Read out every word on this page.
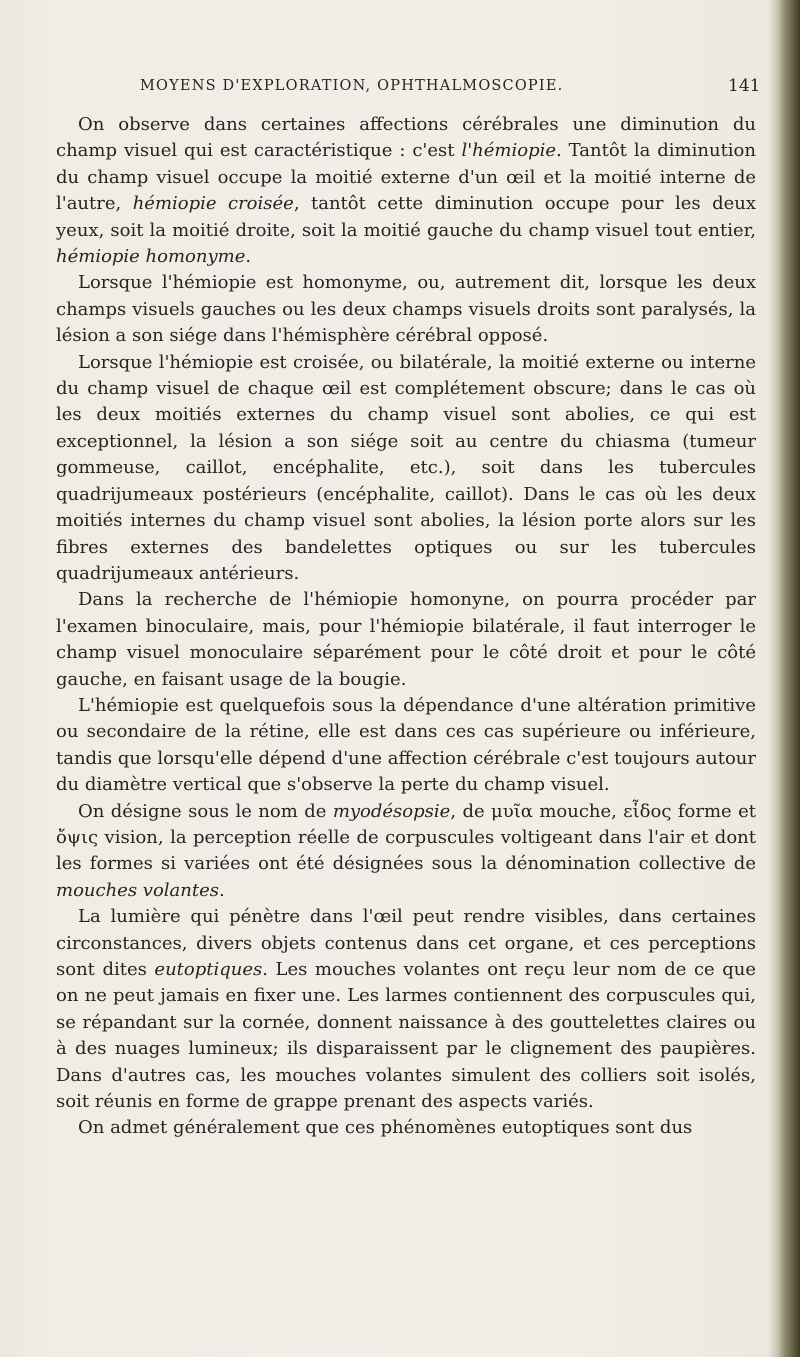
MOYENS D'EXPLORATION, OPHTHALMOSCOPIE.	141

On observe dans certaines affections cérébrales une diminution du champ visuel qui est caractéristique : c'est l'hémiopie. Tantôt la diminution du champ visuel occupe la moitié externe d'un œil et la moitié interne de l'autre, hémiopie croisée, tantôt cette diminution occupe pour les deux yeux, soit la moitié droite, soit la moitié gauche du champ visuel tout entier, hémiopie homonyme.

Lorsque l'hémiopie est homonyme, ou, autrement dit, lorsque les deux champs visuels gauches ou les deux champs visuels droits sont paralysés, la lésion a son siége dans l'hémisphère cérébral opposé.

Lorsque l'hémiopie est croisée, ou bilatérale, la moitié externe ou interne du champ visuel de chaque œil est complétement obscure; dans le cas où les deux moitiés externes du champ visuel sont abolies, ce qui est exceptionnel, la lésion a son siége soit au centre du chiasma (tumeur gommeuse, caillot, encéphalite, etc.), soit dans les tubercules quadrijumeaux postérieurs (encéphalite, caillot). Dans le cas où les deux moitiés internes du champ visuel sont abolies, la lésion porte alors sur les fibres externes des bandelettes optiques ou sur les tubercules quadrijumeaux antérieurs.

Dans la recherche de l'hémiopie homonyne, on pourra procéder par l'examen binoculaire, mais, pour l'hémiopie bilatérale, il faut interroger le champ visuel monoculaire séparément pour le côté droit et pour le côté gauche, en faisant usage de la bougie.

L'hémiopie est quelquefois sous la dépendance d'une altération primitive ou secondaire de la rétine, elle est dans ces cas supérieure ou inférieure, tandis que lorsqu'elle dépend d'une affection cérébrale c'est toujours autour du diamètre vertical que s'observe la perte du champ visuel.

On désigne sous le nom de myodésopsie, de μυῖα mouche, εἶδος forme et ὄψις vision, la perception réelle de corpuscules voltigeant dans l'air et dont les formes si variées ont été désignées sous la dénomination collective de mouches volantes.

La lumière qui pénètre dans l'œil peut rendre visibles, dans certaines circonstances, divers objets contenus dans cet organe, et ces perceptions sont dites eutoptiques. Les mouches volantes ont reçu leur nom de ce que on ne peut jamais en fixer une. Les larmes contiennent des corpuscules qui, se répandant sur la cornée, donnent naissance à des gouttelettes claires ou à des nuages lumineux; ils disparaissent par le clignement des paupières. Dans d'autres cas, les mouches volantes simulent des colliers soit isolés, soit réunis en forme de grappe prenant des aspects variés.

On admet généralement que ces phénomènes eutoptiques sont dus
